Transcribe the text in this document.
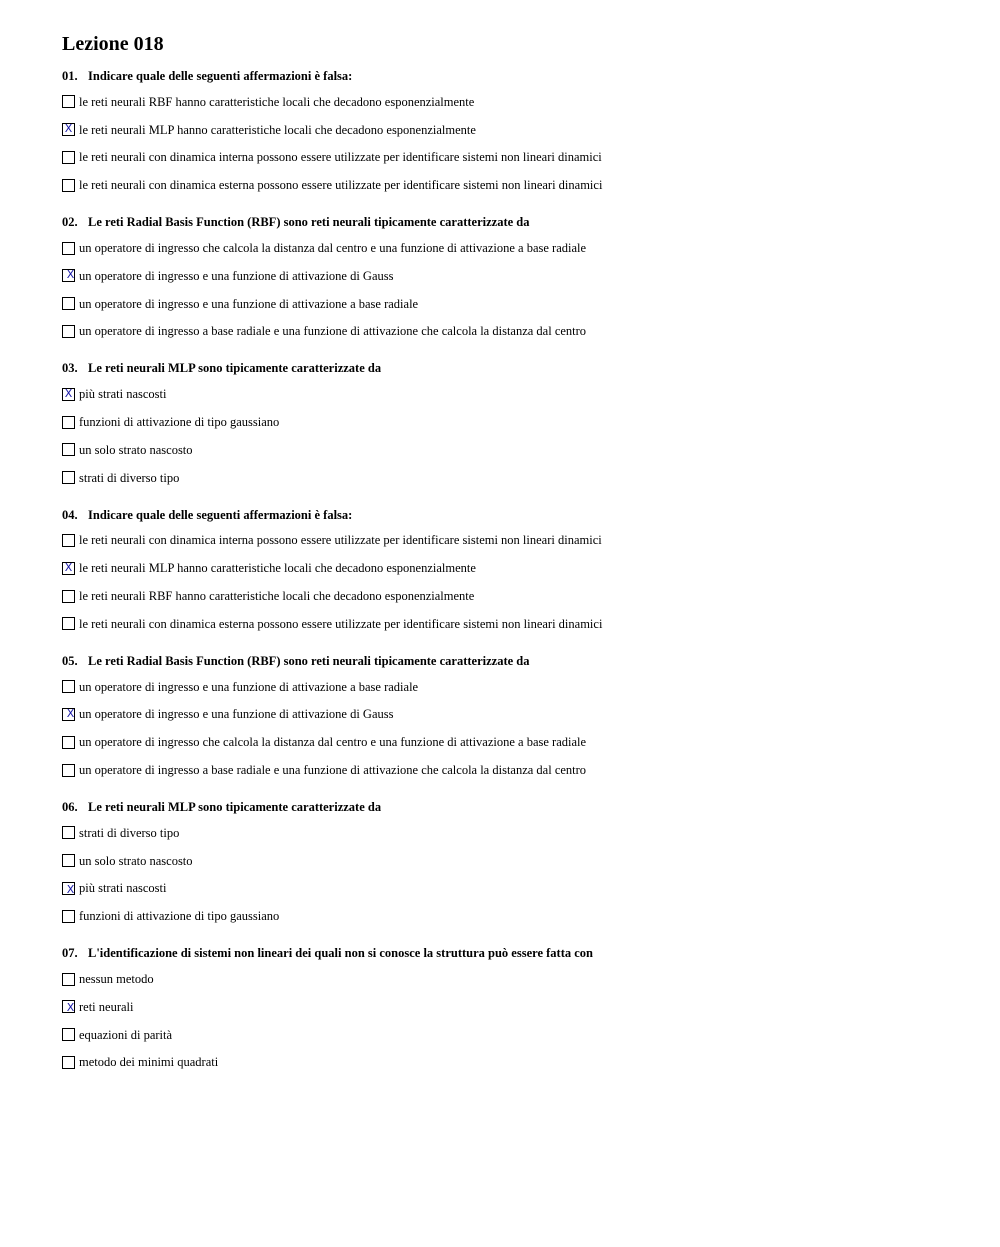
Lezione 018
01. Indicare quale delle seguenti affermazioni è falsa:
le reti neurali RBF hanno caratteristiche locali che decadono esponenzialmente
X le reti neurali MLP hanno caratteristiche locali che decadono esponenzialmente
le reti neurali con dinamica interna possono essere utilizzate per identificare sistemi non lineari dinamici
le reti neurali con dinamica esterna possono essere utilizzate per identificare sistemi non lineari dinamici
02. Le reti Radial Basis Function (RBF) sono reti neurali tipicamente caratterizzate da
un operatore di ingresso che calcola la distanza dal centro e una funzione di attivazione a base radiale
X un operatore di ingresso e una funzione di attivazione di Gauss
un operatore di ingresso e una funzione di attivazione a base radiale
un operatore di ingresso a base radiale e una funzione di attivazione che calcola la distanza dal centro
03. Le reti neurali MLP sono tipicamente caratterizzate da
X più strati nascosti
funzioni di attivazione di tipo gaussiano
un solo strato nascosto
strati di diverso tipo
04. Indicare quale delle seguenti affermazioni è falsa:
le reti neurali con dinamica interna possono essere utilizzate per identificare sistemi non lineari dinamici
X le reti neurali MLP hanno caratteristiche locali che decadono esponenzialmente
le reti neurali RBF hanno caratteristiche locali che decadono esponenzialmente
le reti neurali con dinamica esterna possono essere utilizzate per identificare sistemi non lineari dinamici
05. Le reti Radial Basis Function (RBF) sono reti neurali tipicamente caratterizzate da
un operatore di ingresso e una funzione di attivazione a base radiale
X un operatore di ingresso e una funzione di attivazione di Gauss
un operatore di ingresso che calcola la distanza dal centro e una funzione di attivazione a base radiale
un operatore di ingresso a base radiale e una funzione di attivazione che calcola la distanza dal centro
06. Le reti neurali MLP sono tipicamente caratterizzate da
strati di diverso tipo
un solo strato nascosto
X più strati nascosti
funzioni di attivazione di tipo gaussiano
07. L'identificazione di sistemi non lineari dei quali non si conosce la struttura può essere fatta con
nessun metodo
X reti neurali
equazioni di parità
metodo dei minimi quadrati
